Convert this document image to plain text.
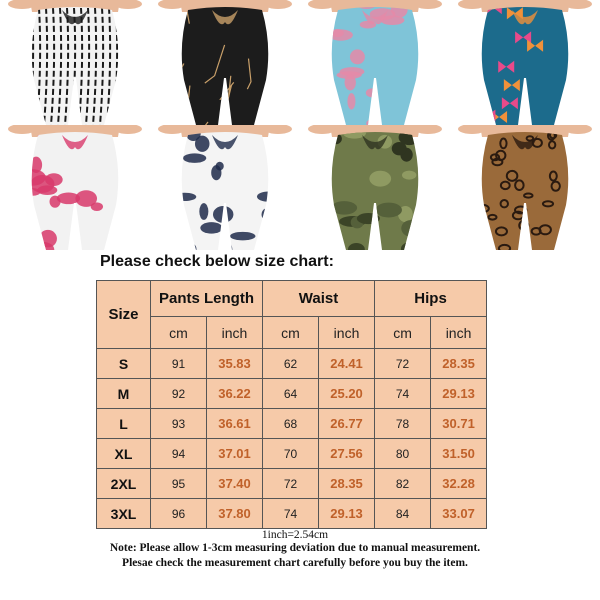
Please check below size chart:
Size	Pants Length		Waist		Hips	
	cm	inch	cm	inch	cm	inch
S	91	35.83	62	24.41	72	28.35
M	92	36.22	64	25.20	74	29.13
L	93	36.61	68	26.77	78	30.71
XL	94	37.01	70	27.56	80	31.50
2XL	95	37.40	72	28.35	82	32.28
3XL	96	37.80	74	29.13	84	33.07
1inch=2.54cm
Note: Please allow 1-3cm measuring deviation due to manual measurement.
Plesae check the measurement chart carefully before you buy the item.
